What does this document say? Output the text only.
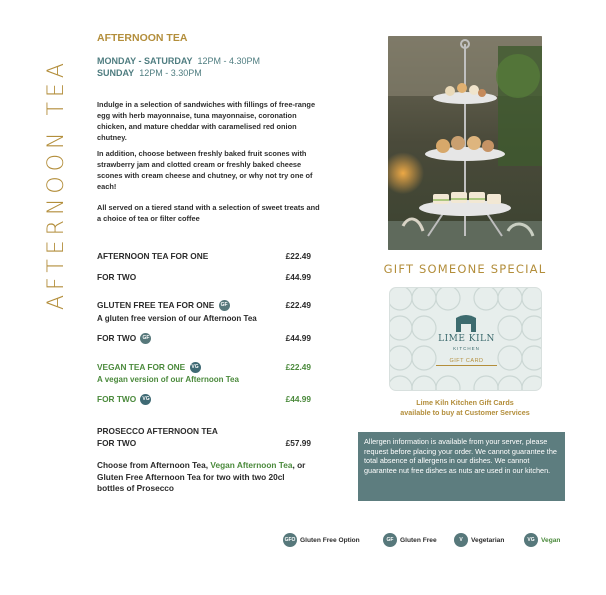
AFTERNOON TEA
AFTERNOON TEA
MONDAY - SATURDAY 12PM - 4.30PM
SUNDAY 12PM - 3.30PM

Indulge in a selection of sandwiches with fillings of free-range egg with herb mayonnaise, tuna mayonnaise, coronation chicken, and mature cheddar with caramelised red onion chutney.

In addition, choose between freshly baked fruit scones with strawberry jam and clotted cream or freshly baked cheese scones with cream cheese and chutney, or why not try one of each!

All served on a tiered stand with a selection of sweet treats and a choice of tea or filter coffee

AFTERNOON TEA FOR ONE	£22.49
FOR TWO	£44.99
GLUTEN FREE TEA FOR ONE GF	£22.49
A gluten free version of our Afternoon Tea
FOR TWO GF	£44.99
VEGAN TEA FOR ONE VG	£22.49
A vegan version of our Afternoon Tea
FOR TWO VG	£44.99
PROSECCO AFTERNOON TEA
FOR TWO	£57.99

Choose from Afternoon Tea, Vegan Afternoon Tea, or Gluten Free Afternoon Tea for two with two 20cl bottles of Prosecco

GIFT SOMEONE SPECIAL
LIME KILN
KITCHEN
GIFT CARD
Lime Kiln Kitchen Gift Cards
available to buy at Customer Services

Allergen information is available from your server, please request before placing your order. We cannot guarantee the total absence of allergens in our dishes. We cannot guarantee nut free dishes as nuts are used in our kitchen.

GFO Gluten Free Option	GF Gluten Free	V	Vegetarian	VG Vegan
